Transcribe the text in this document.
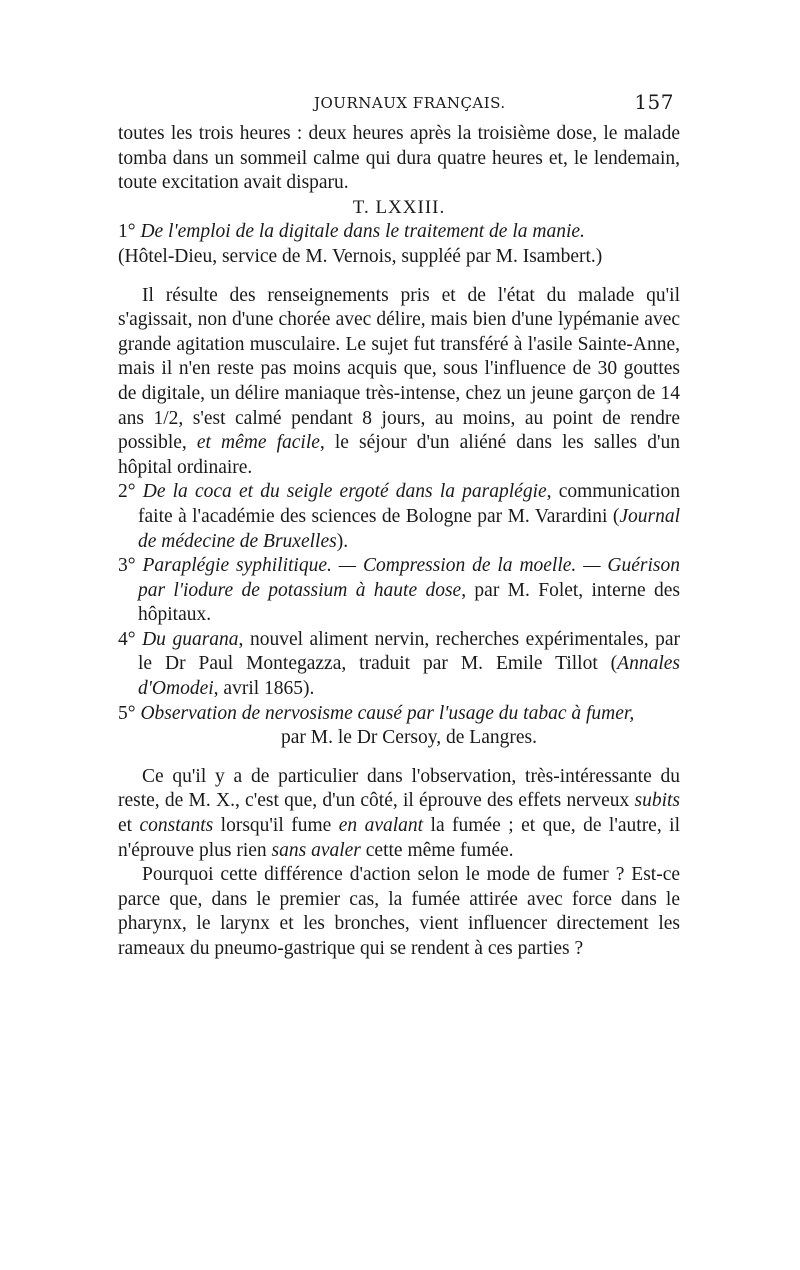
JOURNAUX FRANÇAIS.	157

toutes les trois heures : deux heures après la troisième dose, le malade tomba dans un sommeil calme qui dura quatre heures et, le lendemain, toute excitation avait disparu.

T. LXXIII.

1° De l'emploi de la digitale dans le traitement de la manie.

(Hôtel-Dieu, service de M. Vernois, suppléé par M. Isambert.)

Il résulte des renseignements pris et de l'état du malade qu'il s'agissait, non d'une chorée avec délire, mais bien d'une lypémanie avec grande agitation musculaire. Le sujet fut transféré à l'asile Sainte-Anne, mais il n'en reste pas moins acquis que, sous l'influence de 30 gouttes de digitale, un délire maniaque très-intense, chez un jeune garçon de 14 ans 1/2, s'est calmé pendant 8 jours, au moins, au point de rendre possible, et même facile, le séjour d'un aliéné dans les salles d'un hôpital ordinaire.

2° De la coca et du seigle ergoté dans la paraplégie, communication faite à l'académie des sciences de Bologne par M. Varardini (Journal de médecine de Bruxelles).

3° Paraplégie syphilitique. — Compression de la moelle. — Guérison par l'iodure de potassium à haute dose, par M. Folet, interne des hôpitaux.

4° Du guarana, nouvel aliment nervin, recherches expérimentales, par le Dr Paul Montegazza, traduit par M. Emile Tillot (Annales d'Omodei, avril 1865).

5° Observation de nervosisme causé par l'usage du tabac à fumer,
par M. le Dr Cersoy, de Langres.

Ce qu'il y a de particulier dans l'observation, très-intéressante du reste, de M. X., c'est que, d'un côté, il éprouve des effets nerveux subits et constants lorsqu'il fume en avalant la fumée ; et que, de l'autre, il n'éprouve plus rien sans avaler cette même fumée.

Pourquoi cette différence d'action selon le mode de fumer ? Est-ce parce que, dans le premier cas, la fumée attirée avec force dans le pharynx, le larynx et les bronches, vient influencer directement les rameaux du pneumo-gastrique qui se rendent à ces parties ?
